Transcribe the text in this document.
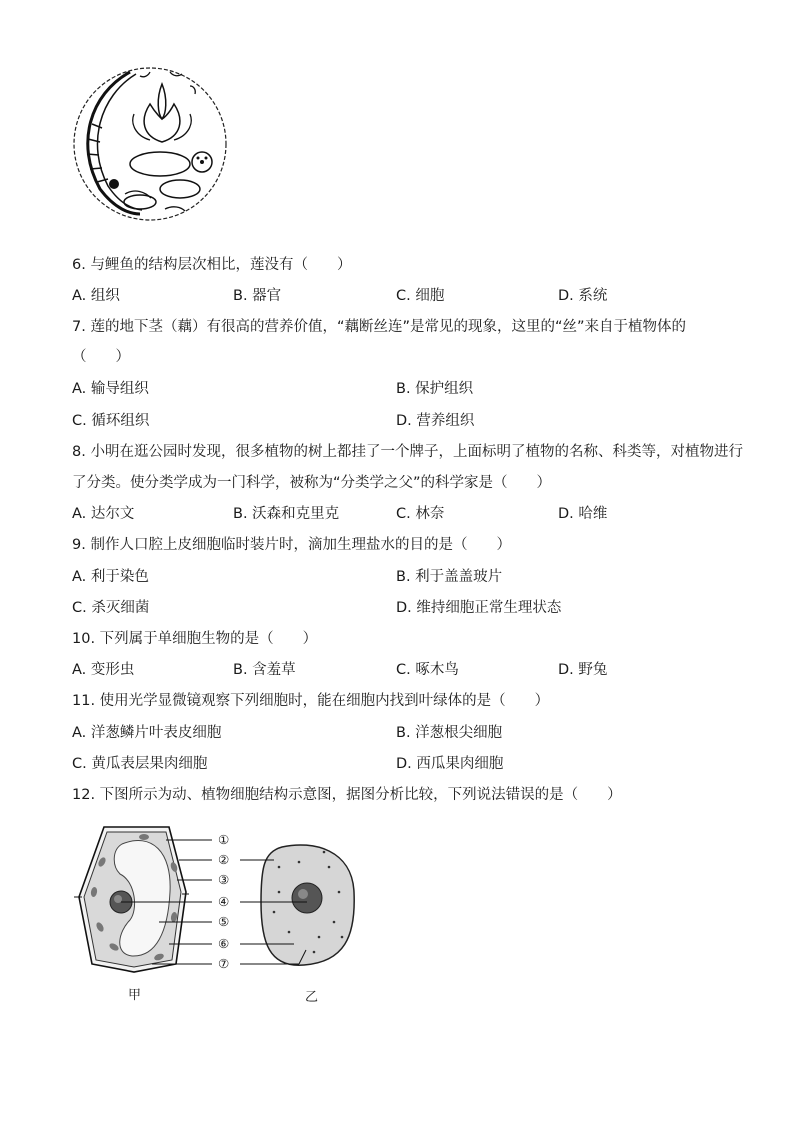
6. 与鲤鱼的结构层次相比，莲没有（　　）
A. 组织	B. 器官	C. 细胞	D. 系统
7. 莲的地下茎（藕）有很高的营养价值，“藕断丝连”是常见的现象，这里的“丝”来自于植物体的
（　　）
A. 输导组织	B. 保护组织
C. 循环组织	D. 营养组织
8. 小明在逛公园时发现，很多植物的树上都挂了一个牌子，上面标明了植物的名称、科类等，对植物进行
了分类。使分类学成为一门科学，被称为“分类学之父”的科学家是（　　）
A. 达尔文	B. 沃森和克里克	C. 林奈	D. 哈维
9. 制作人口腔上皮细胞临时装片时，滴加生理盐水的目的是（　　）
A. 利于染色	B. 利于盖盖玻片
C. 杀灭细菌	D. 维持细胞正常生理状态
10. 下列属于单细胞生物的是（　　）
A. 变形虫	B. 含羞草	C. 啄木鸟	D. 野兔
11. 使用光学显微镜观察下列细胞时，能在细胞内找到叶绿体的是（　　）
A. 洋葱鳞片叶表皮细胞	B. 洋葱根尖细胞
C. 黄瓜表层果肉细胞	D. 西瓜果肉细胞
12. 下图所示为动、植物细胞结构示意图，据图分析比较，下列说法错误的是（　　）
①
②
③
④
⑤
⑥
⑦
甲	乙
